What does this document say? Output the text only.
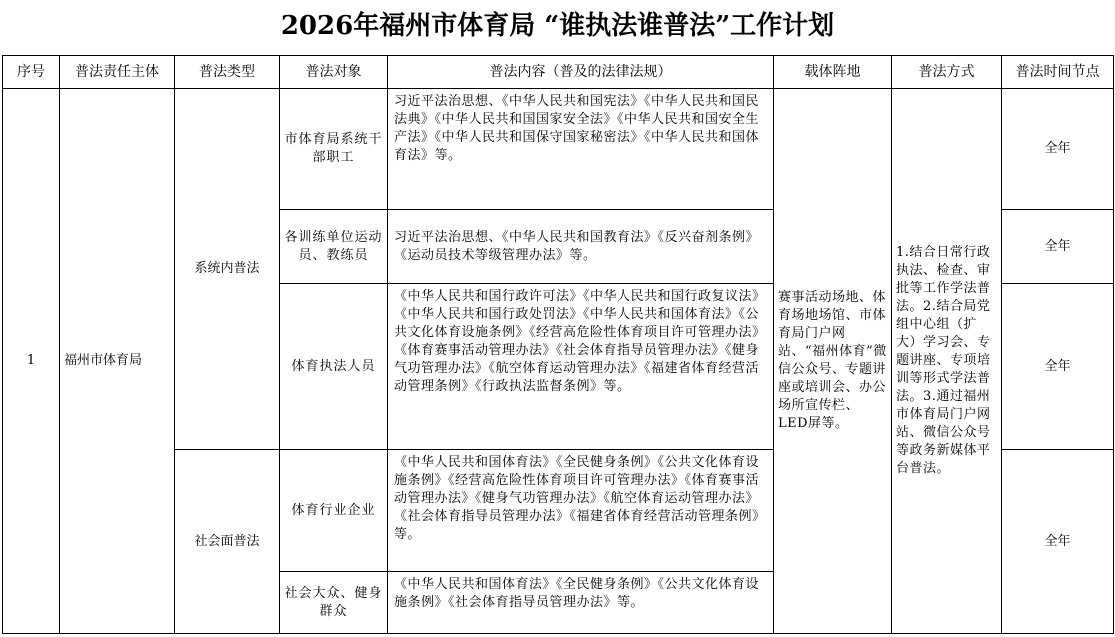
2026年福州市体育局 “谁执法谁普法”工作计划
序号	普法责任主体	普法类型	普法对象	普法内容（普及的法律法规）	载体阵地	普法方式	普法时间节点
1	福州市体育局	系统内普法	市体育局系统干部职工	习近平法治思想、《中华人民共和国宪法》《中华人民共和国民法典》《中华人民共和国国家安全法》《中华人民共和国安全生产法》《中华人民共和国保守国家秘密法》《中华人民共和国体育法》等。	赛事活动场地、体育场地场馆、市体育局门户网站、“福州体育”微信公众号、专题讲座或培训会、办公场所宣传栏、LED屏等。	1.结合日常行政执法、检查、审批等工作学法普法。2.结合局党组中心组（扩大）学习会、专题讲座、专项培训等形式学法普法。3.通过福州市体育局门户网站、微信公众号等政务新媒体平台普法。	全年
			各训练单位运动员、教练员	习近平法治思想、《中华人民共和国教育法》《反兴奋剂条例》《运动员技术等级管理办法》等。			全年
			体育执法人员	《中华人民共和国行政许可法》《中华人民共和国行政复议法》《中华人民共和国行政处罚法》《中华人民共和国体育法》《公共文化体育设施条例》《经营高危险性体育项目许可管理办法》《体育赛事活动管理办法》《社会体育指导员管理办法》《健身气功管理办法》《航空体育运动管理办法》《福建省体育经营活动管理条例》《行政执法监督条例》等。			全年
		社会面普法	体育行业企业	《中华人民共和国体育法》《全民健身条例》《公共文化体育设施条例》《经营高危险性体育项目许可管理办法》《体育赛事活动管理办法》《健身气功管理办法》《航空体育运动管理办法》《社会体育指导员管理办法》《福建省体育经营活动管理条例》等。			全年
			社会大众、健身群众	《中华人民共和国体育法》《全民健身条例》《公共文化体育设施条例》《社会体育指导员管理办法》等。			
